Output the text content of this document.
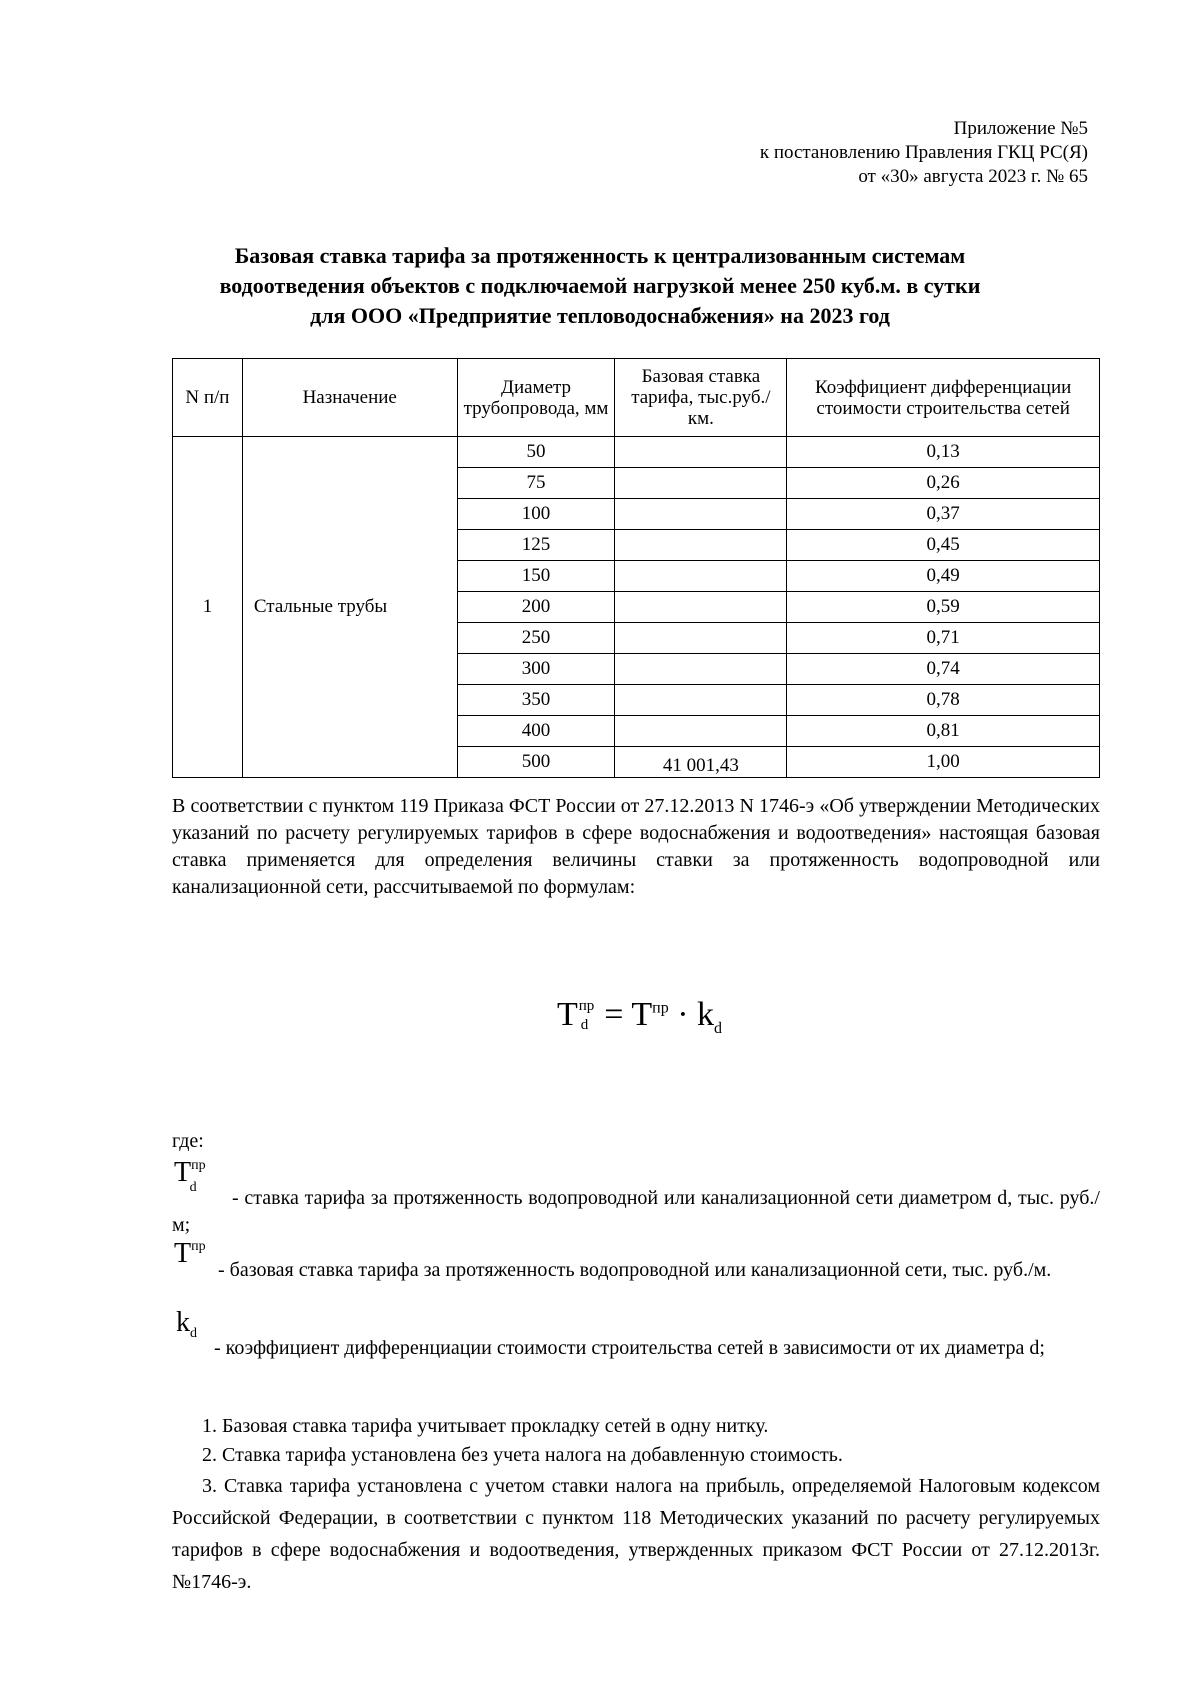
Приложение №5
к постановлению Правления ГКЦ РС(Я)
от «30» августа 2023 г. № 65
Базовая ставка тарифа за протяженность к централизованным системам
водоотведения объектов с подключаемой нагрузкой менее 250 куб.м. в сутки
для ООО «Предприятие тепловодоснабжения» на 2023 год
N п/п	Назначение	Диаметр трубопровода, мм	Базовая ставка тарифа, тыс.руб./км.	Коэффициент дифференциации стоимости строительства сетей
1	Стальные трубы	50		0,13
		75		0,26
		100		0,37
		125		0,45
		150		0,49
		200		0,59
		250		0,71
		300		0,74
		350		0,78
		400		0,81
		500	41 001,43	1,00
В соответствии с пунктом 119 Приказа ФСТ России от 27.12.2013 N 1746-э «Об утверждении Методических указаний по расчету регулируемых тарифов в сфере водоснабжения и водоотведения» настоящая базовая ставка применяется для определения величины ставки за протяженность водопроводной или канализационной сети, рассчитываемой по формулам:
T пр
$d = T^{пр} \cdot k_d$
где:
$T^{пр}_d$	- ставка тарифа за протяженность водопроводной или канализационной сети диаметром d, тыс. руб./м;
$T^{пр}$
- базовая ставка тарифа за протяженность водопроводной или канализационной сети, тыс. руб./м.
$k_d$
- коэффициент дифференциации стоимости строительства сетей в зависимости от их диаметра d;
1. Базовая ставка тарифа учитывает прокладку сетей в одну нитку.
2. Ставка тарифа установлена без учета налога на добавленную стоимость.
3. Ставка тарифа установлена с учетом ставки налога на прибыль, определяемой Налоговым кодексом Российской Федерации, в соответствии с пунктом 118 Методических указаний по расчету регулируемых тарифов в сфере водоснабжения и водоотведения, утвержденных приказом ФСТ России от 27.12.2013г. №1746-э.
